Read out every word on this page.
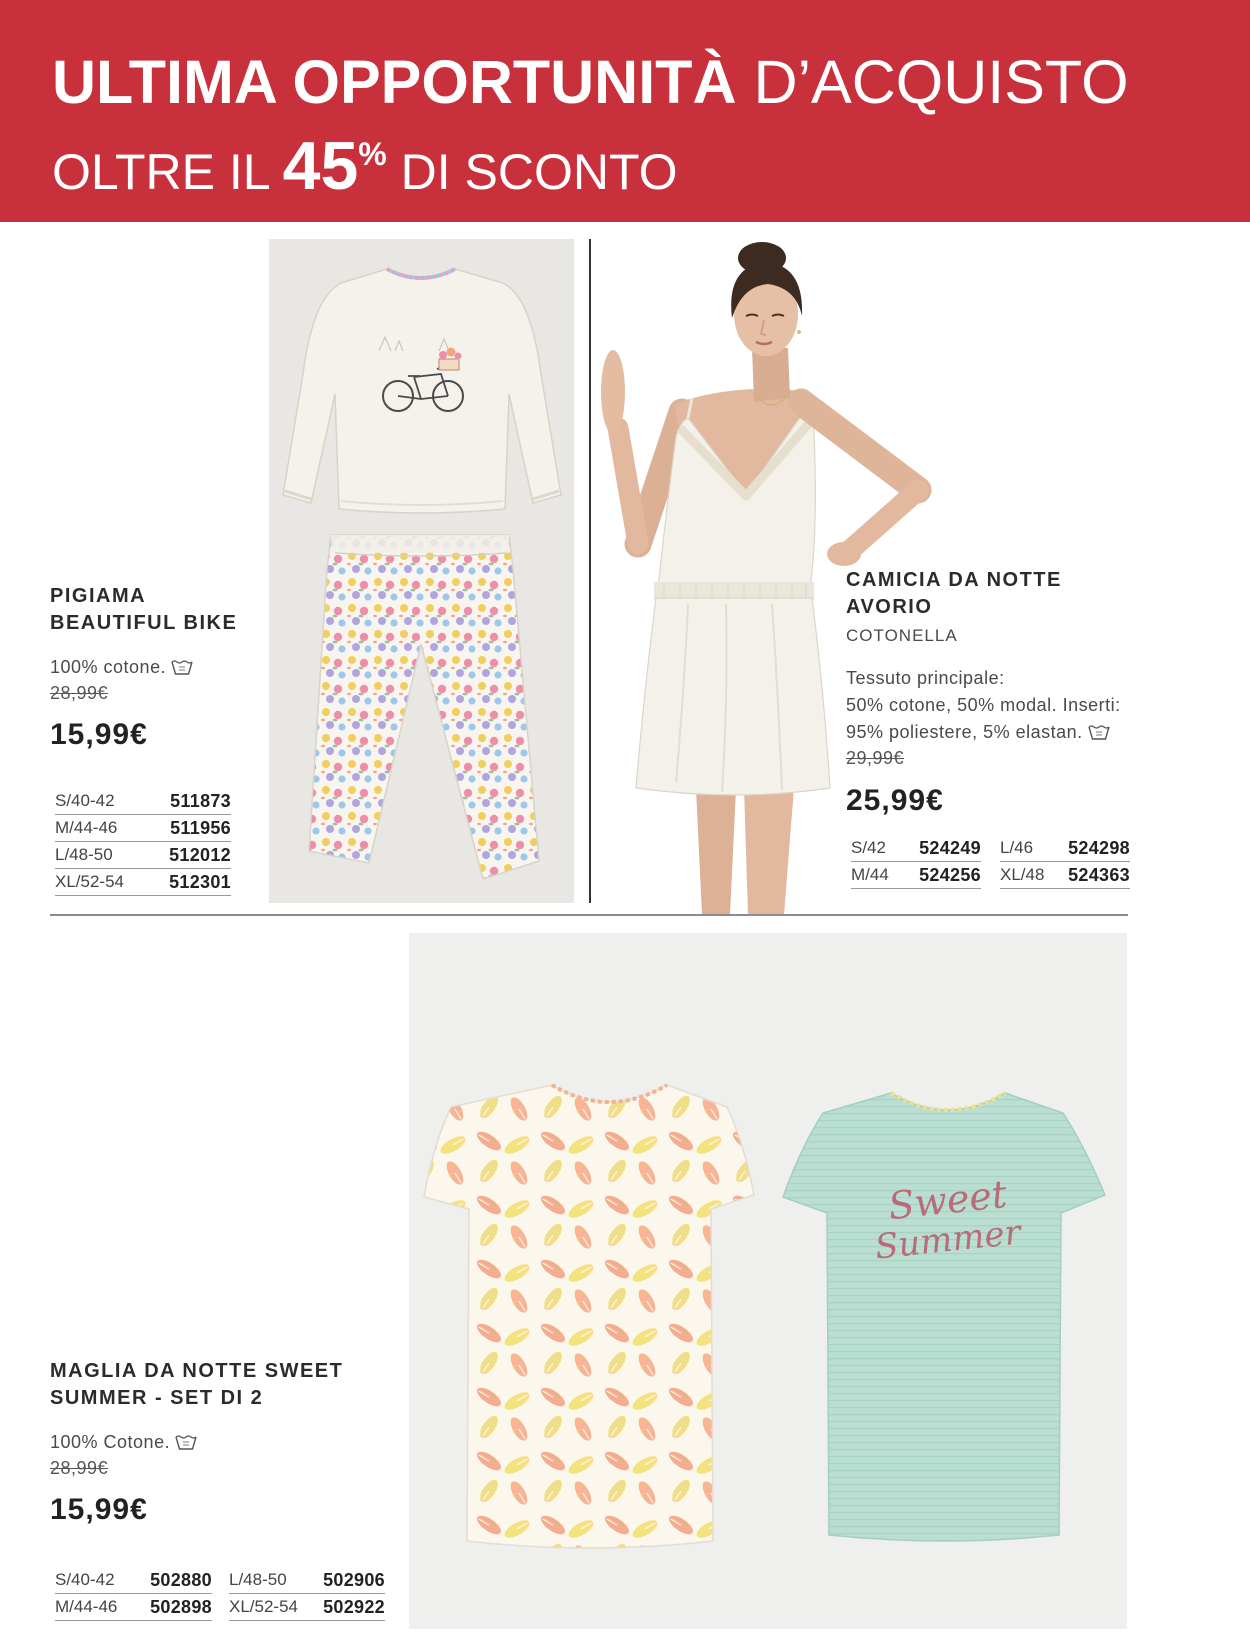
ULTIMA OPPORTUNITÀ D’ACQUISTO
OLTRE IL 45% DI SCONTO
PIGIAMA
BEAUTIFUL BIKE
100% cotone.
28,99€
15,99€
S/40-42	511873
M/44-46	511956
L/48-50	512012
XL/52-54	512301
CAMICIA DA NOTTE
AVORIO
COTONELLA
Tessuto principale:
50% cotone, 50% modal. Inserti:
95% poliestere, 5% elastan.
29,99€
25,99€
S/42 524249
M/44 524256
L/46 524298
XL/48 524363
MAGLIA DA NOTTE SWEET
SUMMER - SET DI 2
100% Cotone.
28,99€
15,99€
S/40-42 502880
M/44-46 502898
L/48-50 502906
XL/52-54 502922
Sweet
Summer
